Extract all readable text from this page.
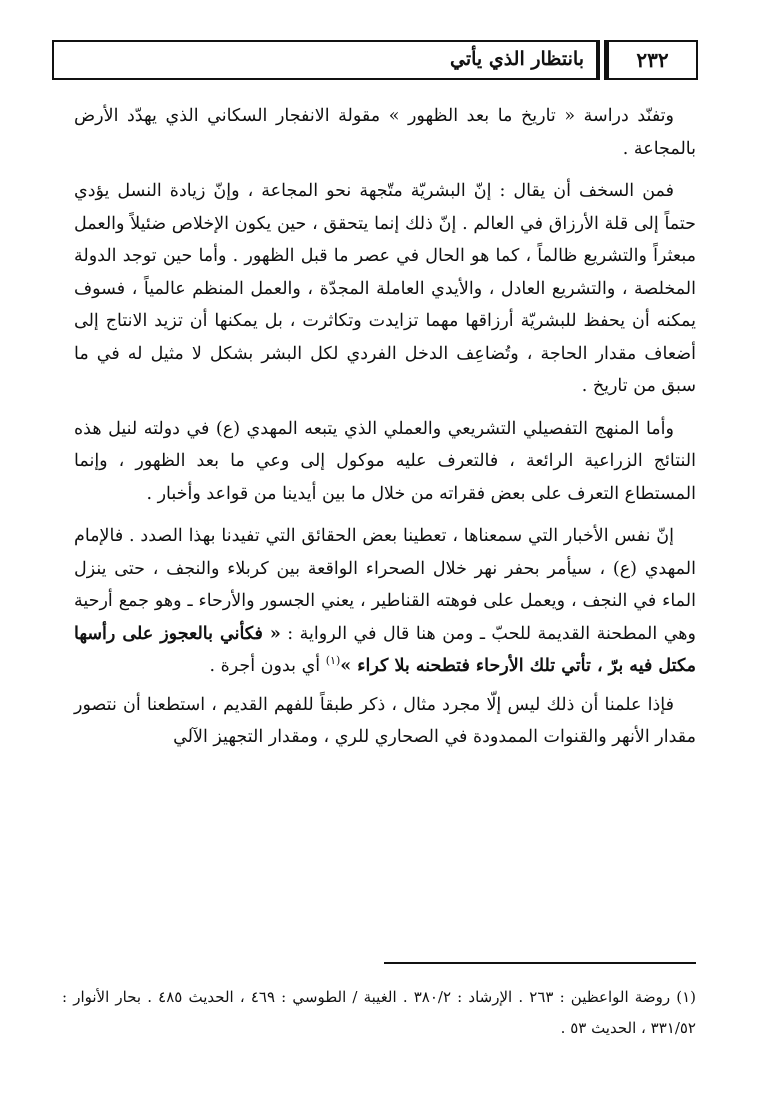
٢٣٢
بانتظار الذي يأتي

وتفنّد دراسة « تاريخ ما بعد الظهور » مقولة الانفجار السكاني الذي يهدّد الأرض بالمجاعة .

فمن السخف أن يقال : إنّ البشريّة متّجهة نحو المجاعة ، وإنّ زيادة النسل يؤدي حتماً إلى قلة الأرزاق في العالم . إنّ ذلك إنما يتحقق ، حين يكون الإخلاص ضئيلاً والعمل مبعثراً والتشريع ظالماً ، كما هو الحال في عصر ما قبل الظهور . وأما حين توجد الدولة المخلصة ، والتشريع العادل ، والأيدي العاملة المجدّة ، والعمل المنظم عالمياً ، فسوف يمكنه أن يحفظ للبشريّة أرزاقها مهما تزايدت وتكاثرت ، بل يمكنها أن تزيد الانتاج إلى أضعاف مقدار الحاجة ، وتُضاعِف الدخل الفردي لكل البشر بشكل لا مثيل له في ما سبق من تاريخ .

وأما المنهج التفصيلي التشريعي والعملي الذي يتبعه المهدي (ع) في دولته لنيل هذه النتائج الزراعية الرائعة ، فالتعرف عليه موكول إلى وعي ما بعد الظهور ، وإنما المستطاع التعرف على بعض فقراته من خلال ما بين أيدينا من قواعد وأخبار .

إنّ نفس الأخبار التي سمعناها ، تعطينا بعض الحقائق التي تفيدنا بهذا الصدد . فالإمام المهدي (ع) ، سيأمر بحفر نهر خلال الصحراء الواقعة بين كربلاء والنجف ، حتى ينزل الماء في النجف ، ويعمل على فوهته القناطير ، يعني الجسور والأرحاء ـ وهو جمع أرحية وهي المطحنة القديمة للحبّ ـ ومن هنا قال في الرواية : « فكأني بالعجوز على رأسها مكتل فيه برّ ، تأتي تلك الأرحاء فتطحنه بلا كراء »$^{(١)}$ أي بدون أجرة .

فإذا علمنا أن ذلك ليس إلّا مجرد مثال ، ذكر طبقاً للفهم القديم ، استطعنا أن نتصور مقدار الأنهر والقنوات الممدودة في الصحاري للري ، ومقدار التجهيز الآلي

(١) روضة الواعظين : ٢٦٣ . الإرشاد : ٣٨٠/٢ . الغيبة / الطوسي : ٤٦٩ ، الحديث ٤٨٥ . بحار الأنوار : ٣٣١/٥٢ ، الحديث ٥٣ .
